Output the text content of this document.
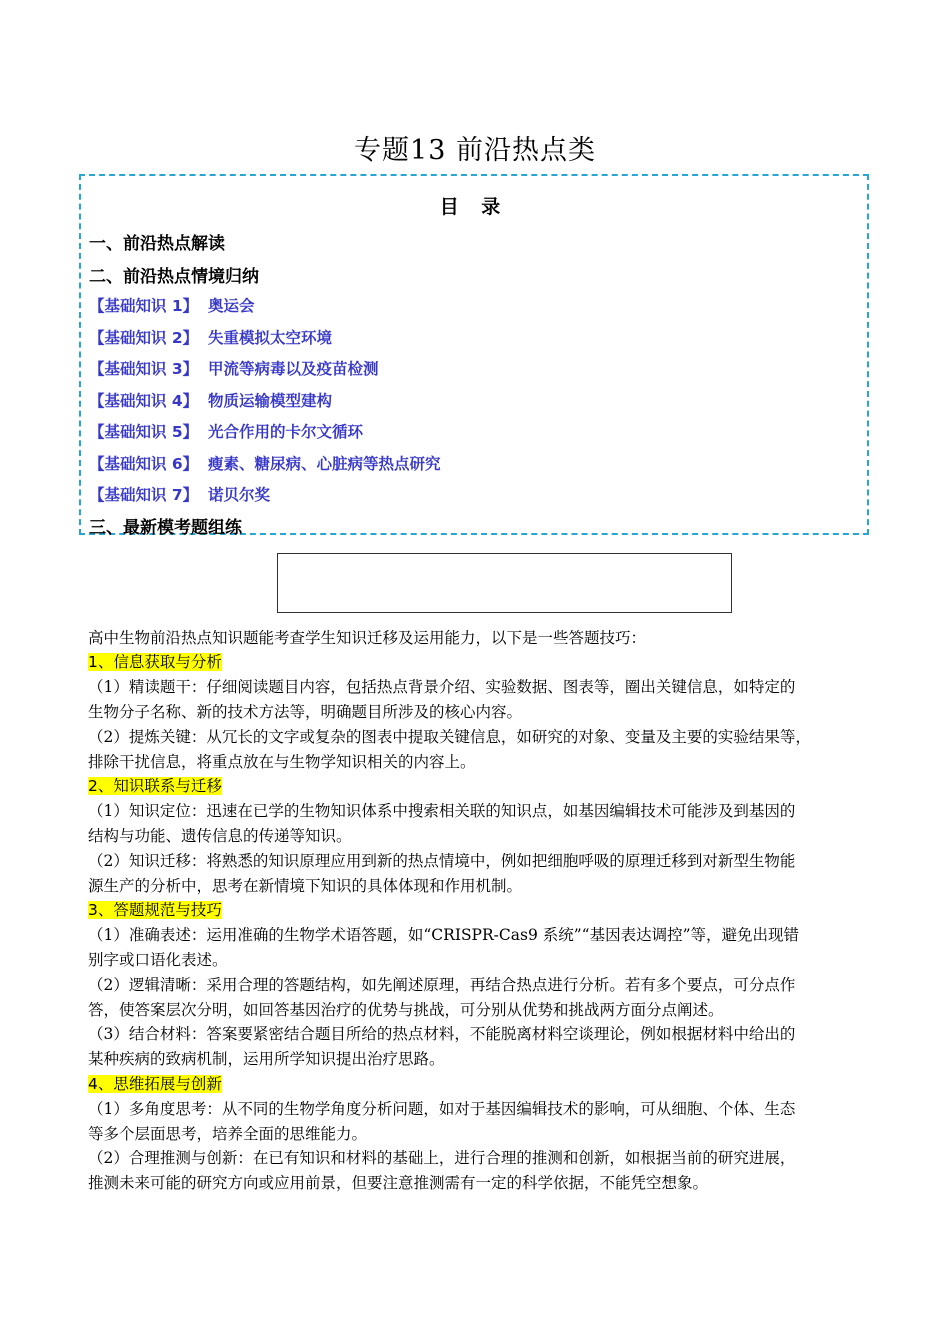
专题13 前沿热点类
目 录
一、前沿热点解读
二、前沿热点情境归纳
【基础知识 1】 奥运会
【基础知识 2】 失重模拟太空环境
【基础知识 3】 甲流等病毒以及疫苗检测
【基础知识 4】 物质运输模型建构
【基础知识 5】 光合作用的卡尔文循环
【基础知识 6】 瘦素、糖尿病、心脏病等热点研究
【基础知识 7】 诺贝尔奖
三、最新模考题组练
高中生物前沿热点知识题能考查学生知识迁移及运用能力，以下是一些答题技巧：
1、信息获取与分析
（1）精读题干：仔细阅读题目内容，包括热点背景介绍、实验数据、图表等，圈出关键信息，如特定的
生物分子名称、新的技术方法等，明确题目所涉及的核心内容。
（2）提炼关键：从冗长的文字或复杂的图表中提取关键信息，如研究的对象、变量及主要的实验结果等，
排除干扰信息，将重点放在与生物学知识相关的内容上。
2、知识联系与迁移
（1）知识定位：迅速在已学的生物知识体系中搜索相关联的知识点，如基因编辑技术可能涉及到基因的
结构与功能、遗传信息的传递等知识。
（2）知识迁移：将熟悉的知识原理应用到新的热点情境中，例如把细胞呼吸的原理迁移到对新型生物能
源生产的分析中，思考在新情境下知识的具体体现和作用机制。
3、答题规范与技巧
（1）准确表述：运用准确的生物学术语答题，如“CRISPR-Cas9 系统”“基因表达调控”等，避免出现错
别字或口语化表述。
（2）逻辑清晰：采用合理的答题结构，如先阐述原理，再结合热点进行分析。若有多个要点，可分点作
答，使答案层次分明，如回答基因治疗的优势与挑战，可分别从优势和挑战两方面分点阐述。
（3）结合材料：答案要紧密结合题目所给的热点材料，不能脱离材料空谈理论，例如根据材料中给出的
某种疾病的致病机制，运用所学知识提出治疗思路。
4、思维拓展与创新
（1）多角度思考：从不同的生物学角度分析问题，如对于基因编辑技术的影响，可从细胞、个体、生态
等多个层面思考，培养全面的思维能力。
（2）合理推测与创新：在已有知识和材料的基础上，进行合理的推测和创新，如根据当前的研究进展，
推测未来可能的研究方向或应用前景，但要注意推测需有一定的科学依据，不能凭空想象。
